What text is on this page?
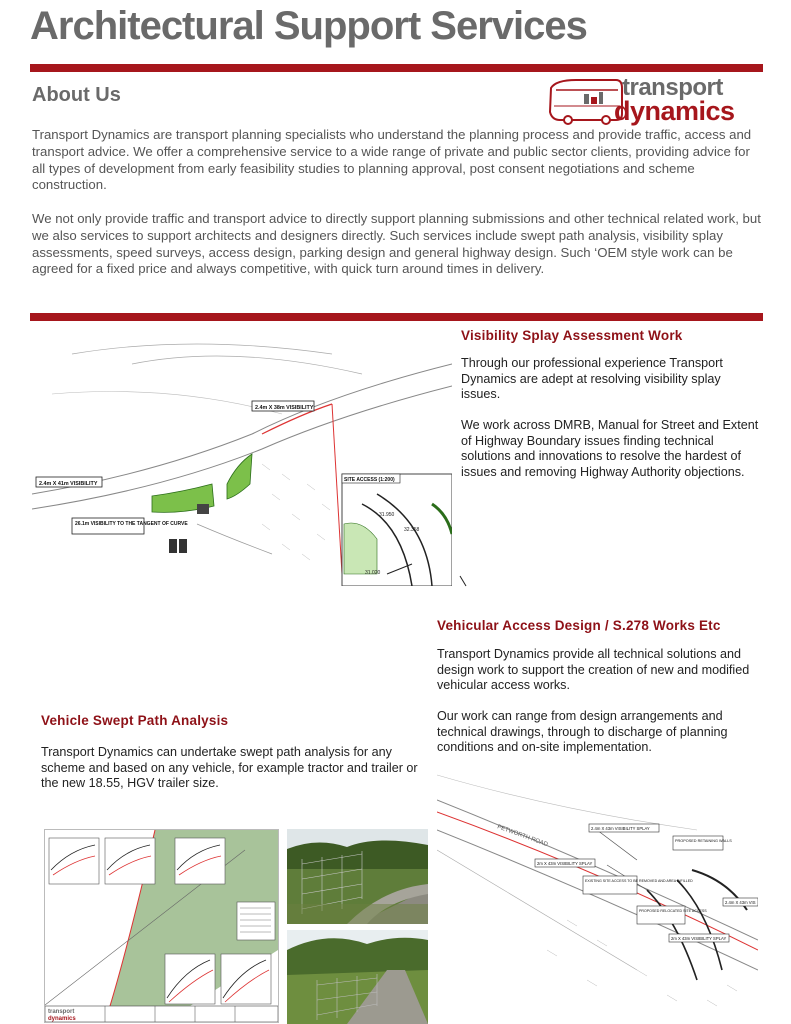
Architectural Support Services
About Us	transport
dynamics
Transport Dynamics are transport planning specialists who understand the planning process and provide traffic, access and transport advice. We offer a comprehensive service to a wide range of private and public sector clients, providing advice for all types of development from early feasibility studies to planning approval, post consent negotiations and scheme construction.
We not only provide traffic and transport advice to directly support planning submissions and other technical related work, but we also services to support architects and designers directly. Such services include swept path analysis, visibility splay assessments, speed surveys, access design, parking design and general highway design. Such ‘OEM style work can be agreed for a fixed price and always competitive, with quick turn around times in delivery.
31.950
32.358
31.020
2.4m X 38m VISIBILITY
2.4m X 41m VISIBILITY
26.1m VISIBILITY TO THE TANGENT OF CURVE
SITE ACCESS (1:200)
Visibility Splay Assessment Work
Through our professional experience Transport Dynamics are adept at resolving visibility splay issues.
We work across DMRB, Manual for Street and Extent of Highway Boundary issues finding technical solutions and innovations to resolve the hardest of issues and removing Highway Authority objections.
Vehicular Access Design / S.278 Works Etc
Transport Dynamics provide all technical solutions and design work to support the creation of new and modified vehicular access works.
Our work can range from design arrangements and technical drawings, through to discharge of planning conditions and on-site implementation.
PETWORTH ROAD	2.4m X 43m VISIBILITY SPLAY
2m X 43m VISIBILITY SPLAY
EXISTING SITE ACCESS TO BE REMOVED AND AREA INFILLED
PROPOSED RETAINING WALLS
PROPOSED RELOCATED SITE ACCESS
2m X 43m VISIBILITY SPLAY
2.4m X 43m VIS
Vehicle Swept Path Analysis
Transport Dynamics can undertake swept path analysis for any scheme and based on any vehicle, for example tractor and trailer or the new 18.55, HGV trailer size.
transport
dynamics
